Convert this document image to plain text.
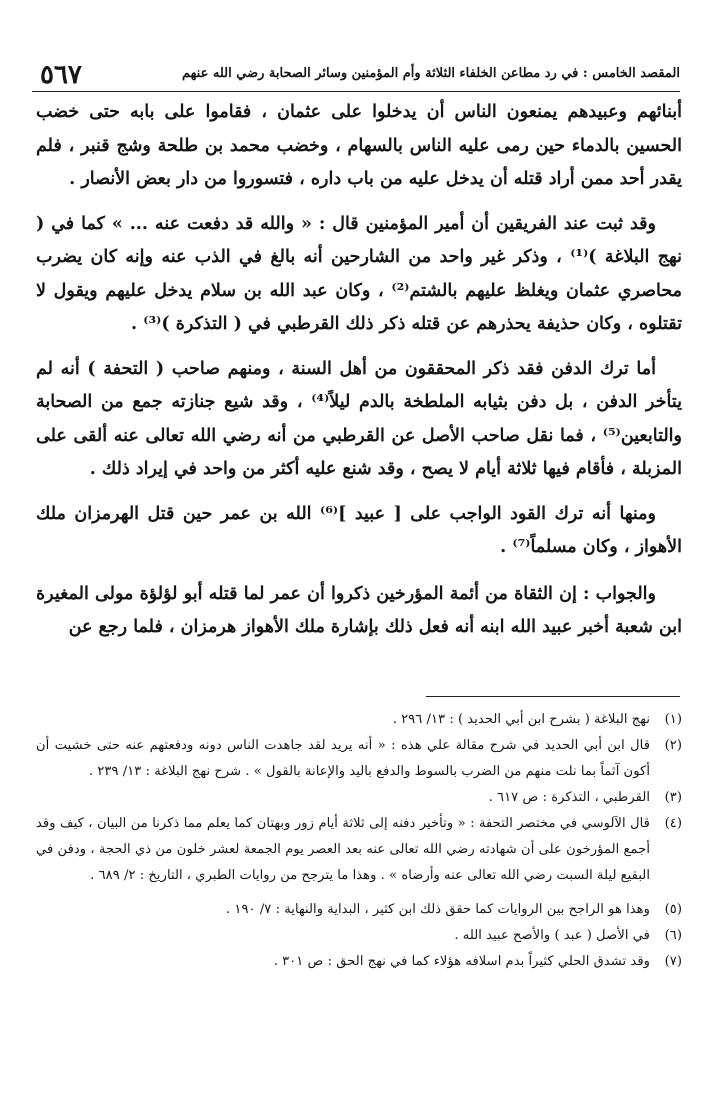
٥٦٧	المقصد الخامس : في رد مطاعن الخلفاء الثلاثة وأم المؤمنين وسائر الصحابة رضي الله عنهم

أبنائهم وعبيدهم يمنعون الناس أن يدخلوا على عثمان ، فقاموا على بابه حتى خضب الحسين بالدماء حين رمى عليه الناس بالسهام ، وخضب محمد بن طلحة وشج قنبر ، فلم يقدر أحد ممن أراد قتله أن يدخل عليه من باب داره ، فتسوروا من دار بعض الأنصار .

وقد ثبت عند الفريقين أن أمير المؤمنين قال : « والله قد دفعت عنه ... » كما في ( نهج البلاغة )⁽¹⁾ ، وذكر غير واحد من الشارحين أنه بالغ في الذب عنه وإنه كان يضرب محاصري عثمان ويغلظ عليهم بالشتم⁽²⁾ ، وكان عبد الله بن سلام يدخل عليهم ويقول لا تقتلوه ، وكان حذيفة يحذرهم عن قتله ذكر ذلك القرطبي في ( التذكرة )⁽³⁾ .

أما ترك الدفن فقد ذكر المحققون من أهل السنة ، ومنهم صاحب ( التحفة ) أنه لم يتأخر الدفن ، بل دفن بثيابه الملطخة بالدم ليلاً⁽⁴⁾ ، وقد شيع جنازته جمع من الصحابة والتابعين⁽⁵⁾ ، فما نقل صاحب الأصل عن القرطبي من أنه رضي الله تعالى عنه ألقى على المزبلة ، فأقام فيها ثلاثة أيام لا يصح ، وقد شنع عليه أكثر من واحد في إيراد ذلك .

ومنها أنه ترك القود الواجب على [ عبيد ]⁽⁶⁾ الله بن عمر حين قتل الهرمزان ملك الأهواز ، وكان مسلماً⁽⁷⁾ .

والجواب : إن الثقاة من أئمة المؤرخين ذكروا أن عمر لما قتله أبو لؤلؤة مولى المغيرة ابن شعبة أخبر عبيد الله ابنه أنه فعل ذلك بإشارة ملك الأهواز هرمزان ، فلما رجع عن

(١)
نهج البلاغة ( بشرح ابن أبي الحديد ) : ١٣/ ٢٩٦ .
(٢)
قال ابن أبي الحديد في شرح مقالة علي هذه : « أنه يريد لقد جاهدت الناس دونه ودفعتهم عنه حتى خشيت أن أكون آثماً بما نلت منهم من الضرب بالسوط والدفع باليد والإعانة بالقول » . شرح نهج البلاغة : ١٣/ ٢٣٩ .
(٣)
القرطبي ، التذكرة : ص ٦١٧ .
(٤)
قال الآلوسي في مختصر التحفة : « وتأخير دفنه إلى ثلاثة أيام زور وبهتان كما يعلم مما ذكرنا من البيان ، كيف وقد أجمع المؤرخون على أن شهادته رضي الله تعالى عنه بعد العصر يوم الجمعة لعشر خلون من ذي الحجة ، ودفن في البقيع ليلة السبت رضي الله تعالى عنه وأرضاه » . وهذا ما يترجح من روايات الطبري ، التاريخ : ٢/ ٦٨٩ .
(٥)
وهذا هو الراجح بين الروايات كما حقق ذلك ابن كثير ، البداية والنهاية : ٧/ ١٩٠ .
(٦)
في الأصل ( عبد ) والأصح عبيد الله .
(٧)
وقد تشدق الحلي كثيراً بدم اسلافه هؤلاء كما في نهج الحق : ص ٣٠١ .
